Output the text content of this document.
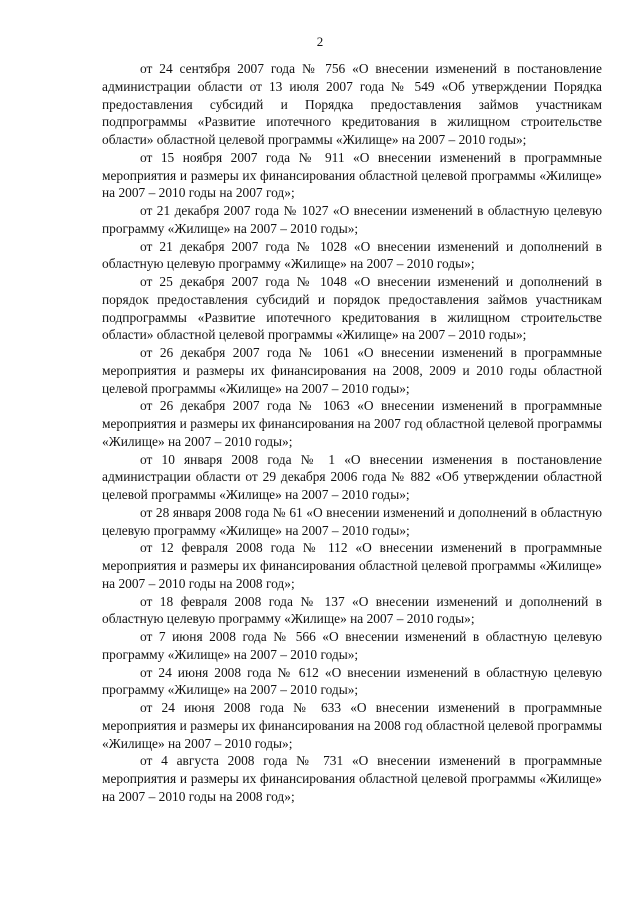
2

от 24 сентября 2007 года № 756 «О внесении изменений в постановление администрации области от 13 июля 2007 года № 549 «Об утверждении Порядка предоставления субсидий и Порядка предоставления займов участникам подпрограммы «Развитие ипотечного кредитования в жилищном строительстве области» областной целевой программы «Жилище» на 2007 – 2010 годы»;

от 15 ноября 2007 года № 911 «О внесении изменений в программные мероприятия и размеры их финансирования областной целевой программы «Жилище» на 2007 – 2010 годы на 2007 год»;

от 21 декабря 2007 года № 1027 «О внесении изменений в областную целевую программу «Жилище» на 2007 – 2010 годы»;

от 21 декабря 2007 года № 1028 «О внесении изменений и дополнений в областную целевую программу «Жилище» на 2007 – 2010 годы»;

от 25 декабря 2007 года № 1048 «О внесении изменений и дополнений в порядок предоставления субсидий и порядок предоставления займов участникам подпрограммы «Развитие ипотечного кредитования в жилищном строительстве области» областной целевой программы «Жилище» на 2007 – 2010 годы»;

от 26 декабря 2007 года № 1061 «О внесении изменений в программные мероприятия и размеры их финансирования на 2008, 2009 и 2010 годы областной целевой программы «Жилище» на 2007 – 2010 годы»;

от 26 декабря 2007 года № 1063 «О внесении изменений в программные мероприятия и размеры их финансирования на 2007 год областной целевой программы «Жилище» на 2007 – 2010 годы»;

от 10 января 2008 года № 1 «О внесении изменения в постановление администрации области от 29 декабря 2006 года № 882 «Об утверждении областной целевой программы «Жилище» на 2007 – 2010 годы»;

от 28 января 2008 года № 61 «О внесении изменений и дополнений в областную целевую программу «Жилище» на 2007 – 2010 годы»;

от 12 февраля 2008 года № 112 «О внесении изменений в программные мероприятия и размеры их финансирования областной целевой программы «Жилище» на 2007 – 2010 годы на 2008 год»;

от 18 февраля 2008 года № 137 «О внесении изменений и дополнений в областную целевую программу «Жилище» на 2007 – 2010 годы»;

от 7 июня 2008 года № 566 «О внесении изменений в областную целевую программу «Жилище» на 2007 – 2010 годы»;

от 24 июня 2008 года № 612 «О внесении изменений в областную целевую программу «Жилище» на 2007 – 2010 годы»;

от 24 июня 2008 года № 633 «О внесении изменений в программные мероприятия и размеры их финансирования на 2008 год областной целевой программы «Жилище» на 2007 – 2010 годы»;

от 4 августа 2008 года № 731 «О внесении изменений в программные мероприятия и размеры их финансирования областной целевой программы «Жилище» на 2007 – 2010 годы на 2008 год»;
